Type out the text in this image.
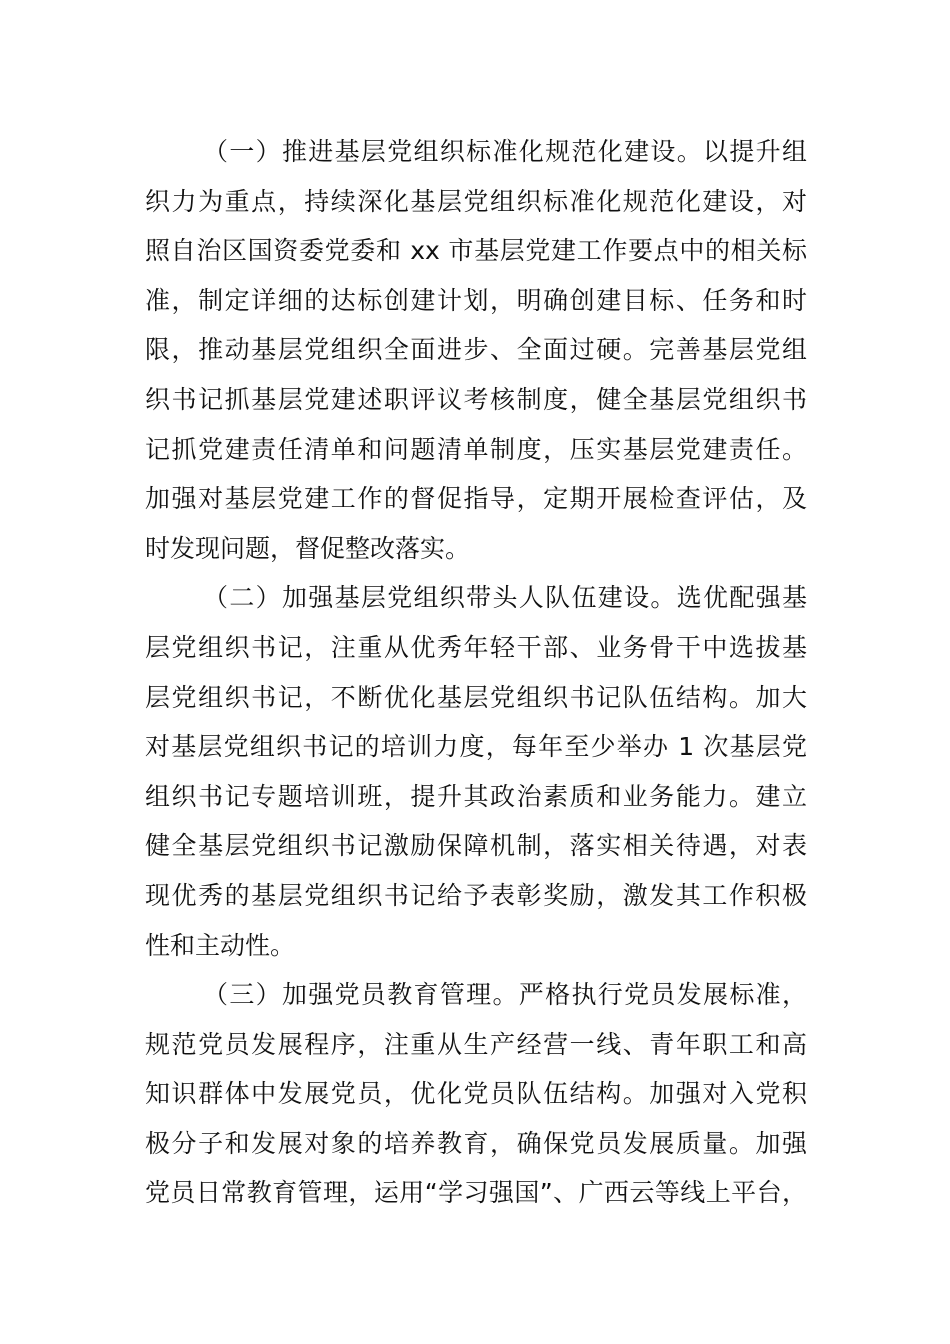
（一）推进基层党组织标准化规范化建设。以提升组
织力为重点，持续深化基层党组织标准化规范化建设，对
照自治区国资委党委和 xx 市基层党建工作要点中的相关标
准，制定详细的达标创建计划，明确创建目标、任务和时
限，推动基层党组织全面进步、全面过硬。完善基层党组
织书记抓基层党建述职评议考核制度，健全基层党组织书
记抓党建责任清单和问题清单制度，压实基层党建责任。
加强对基层党建工作的督促指导，定期开展检查评估，及
时发现问题，督促整改落实。
（二）加强基层党组织带头人队伍建设。选优配强基
层党组织书记，注重从优秀年轻干部、业务骨干中选拔基
层党组织书记，不断优化基层党组织书记队伍结构。加大
对基层党组织书记的培训力度，每年至少举办 1 次基层党
组织书记专题培训班，提升其政治素质和业务能力。建立
健全基层党组织书记激励保障机制，落实相关待遇，对表
现优秀的基层党组织书记给予表彰奖励，激发其工作积极
性和主动性。
（三）加强党员教育管理。严格执行党员发展标准，
规范党员发展程序，注重从生产经营一线、青年职工和高
知识群体中发展党员，优化党员队伍结构。加强对入党积
极分子和发展对象的培养教育，确保党员发展质量。加强
党员日常教育管理，运用“学习强国”、广西云等线上平台，
